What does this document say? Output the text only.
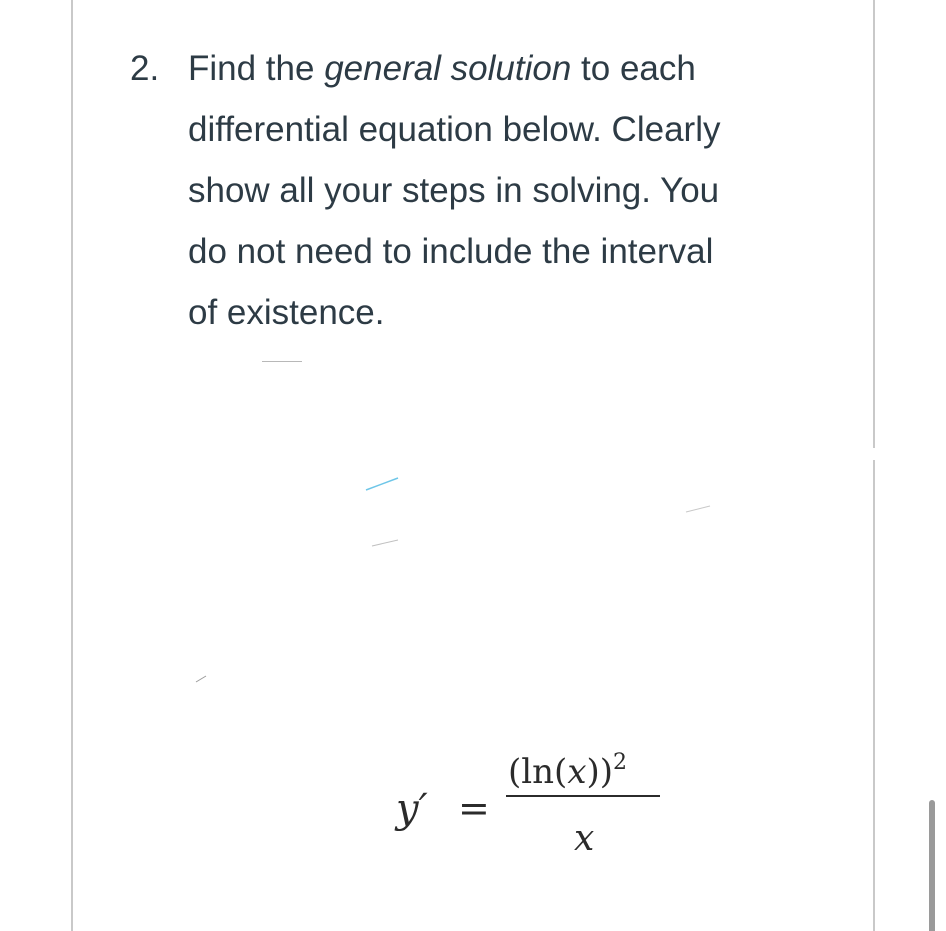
2. Find the general solution to each
differential equation below. Clearly
show all your steps in solving. You
do not need to include the interval
of existence.
y′ =
$(\ln(x))^2$
x
